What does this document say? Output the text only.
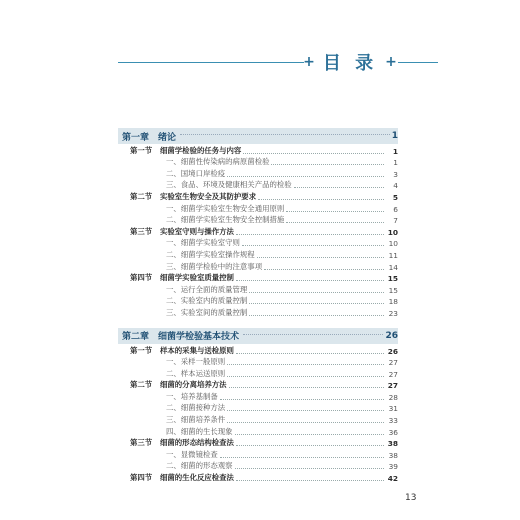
+ 目 录 +
第一章 绪论	1
第一节	细菌学检验的任务与内容	1
一、细菌性传染病的病原菌检验	1
二、国境口岸检疫	3
三、食品、环境及健康相关产品的检验	4
第二节	实验室生物安全及其防护要求	5
一、细菌学实验室生物安全通用原则	6
二、细菌学实验室生物安全控制措施	7
第三节	实验室守则与操作方法	10
一、细菌学实验室守则	10
二、细菌学实验室操作规程	11
三、细菌学检验中的注意事项	14
第四节	细菌学实验室质量控制	15
一、运行全面的质量管理	15
二、实验室内的质量控制	18
三、实验室间的质量控制	23
第二章 细菌学检验基本技术	26
第一节	样本的采集与送检原则	26
一、采样一般原则	27
二、样本运送原则	27
第二节	细菌的分离培养方法	27
一、培养基制备	28
二、细菌接种方法	31
三、细菌培养条件	33
四、细菌的生长现象	36
第三节	细菌的形态结构检查法	38
一、显微镜检查	38
二、细菌的形态观察	39
第四节	细菌的生化反应检查法	42
13
